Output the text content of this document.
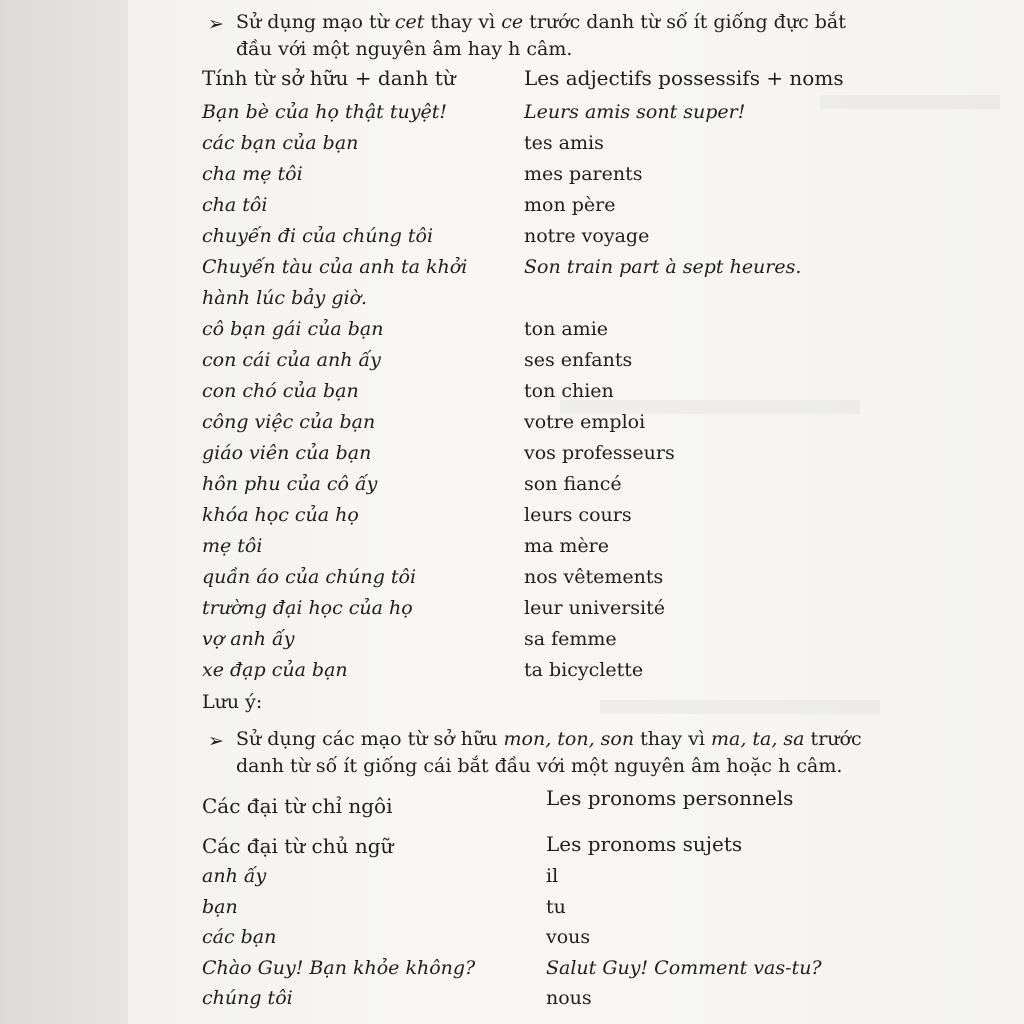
➢ Sử dụng mạo từ cet thay vì ce trước danh từ số ít giống đực bắt
đầu với một nguyên âm hay h câm.
Tính từ sở hữu + danh từ	Les adjectifs possessifs + noms
Bạn bè của họ thật tuyệt!	Leurs amis sont super!
các bạn của bạn	tes amis
cha mẹ tôi	mes parents
cha tôi	mon père
chuyến đi của chúng tôi	notre voyage
Chuyến tàu của anh ta khởi	Son train part à sept heures.
hành lúc bảy giờ.
cô bạn gái của bạn	ton amie
con cái của anh ấy	ses enfants
con chó của bạn	ton chien
công việc của bạn	votre emploi
giáo viên của bạn	vos professeurs
hôn phu của cô ấy	son fiancé
khóa học của họ	leurs cours
mẹ tôi	ma mère
quần áo của chúng tôi	nos vêtements
trường đại học của họ	leur université
vợ anh ấy	sa femme
xe đạp của bạn	ta bicyclette
Lưu ý:
➢ Sử dụng các mạo từ sở hữu mon, ton, son thay vì ma, ta, sa trước
danh từ số ít giống cái bắt đầu với một nguyên âm hoặc h câm.
Các đại từ chỉ ngôi	Les pronoms personnels
Các đại từ chủ ngữ	Les pronoms sujets
anh ấy	il
bạn	tu
các bạn	vous
Chào Guy! Bạn khỏe không?	Salut Guy! Comment vas-tu?
chúng tôi	nous
